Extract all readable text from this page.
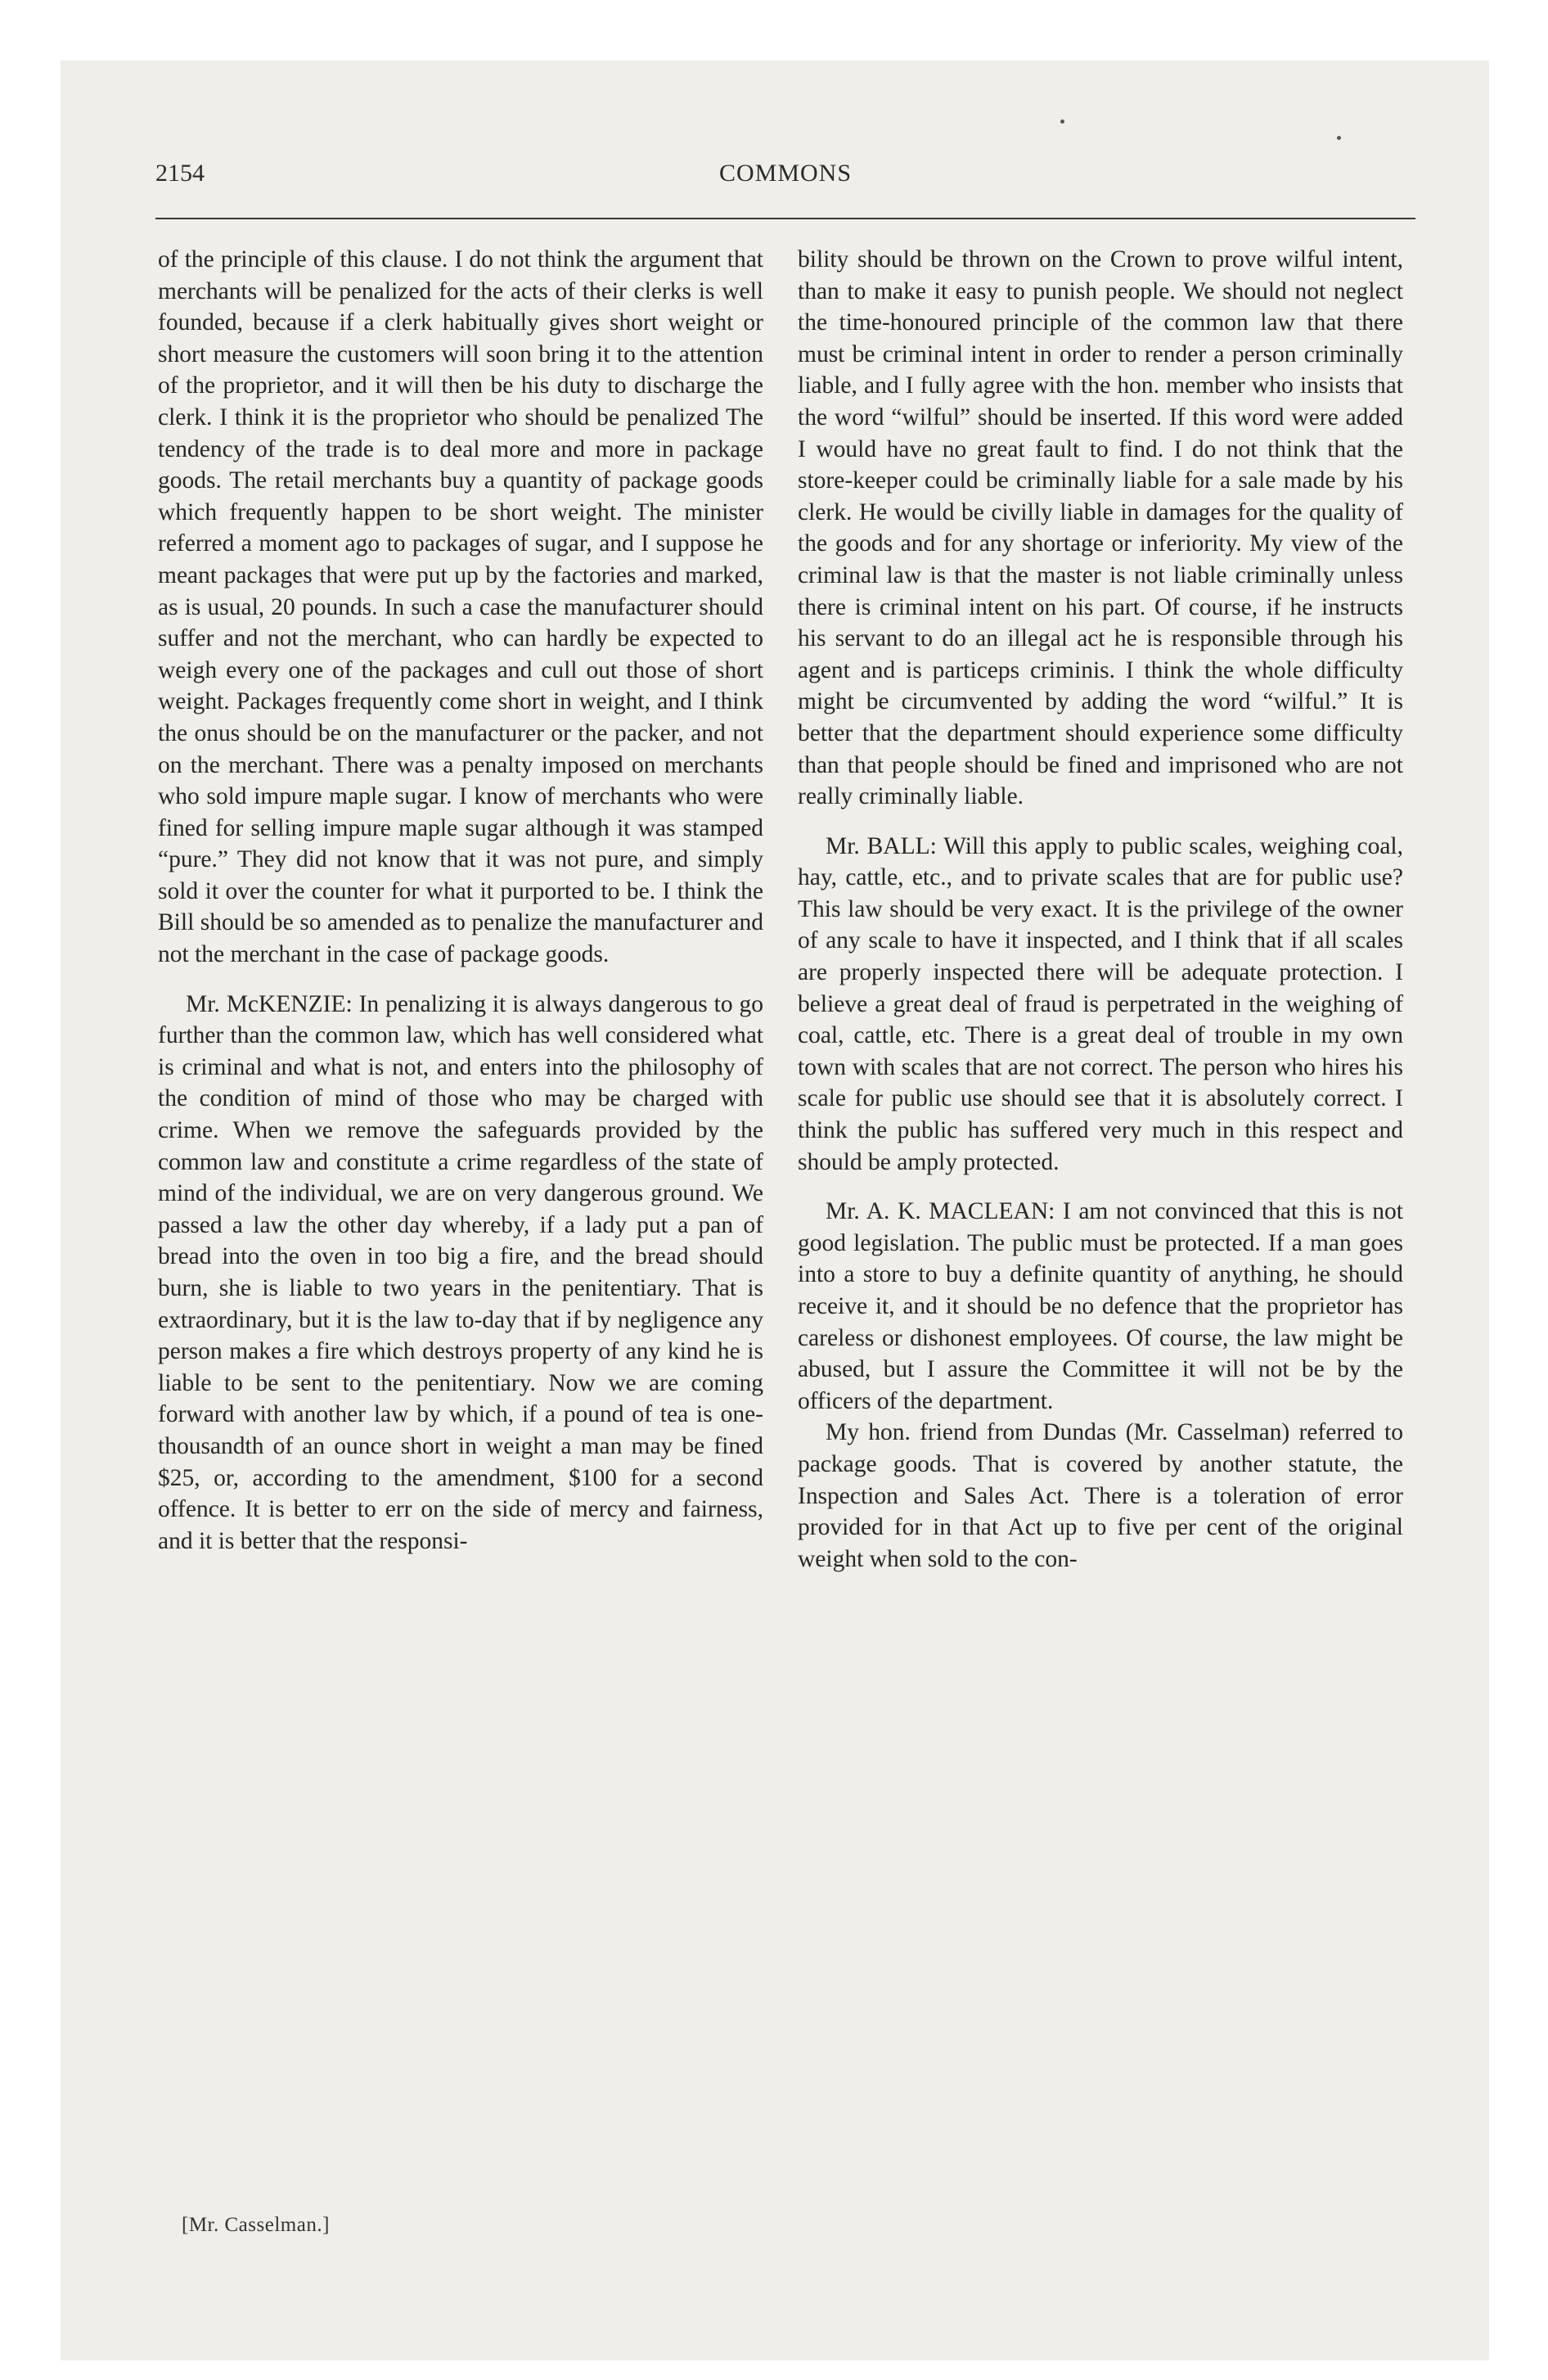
2154	COMMONS

of the principle of this clause. I do not think the argument that merchants will be penalized for the acts of their clerks is well founded, because if a clerk habitually gives short weight or short measure the customers will soon bring it to the attention of the proprietor, and it will then be his duty to discharge the clerk. I think it is the proprietor who should be penalized The tendency of the trade is to deal more and more in package goods. The retail merchants buy a quantity of package goods which frequently happen to be short weight. The minister referred a moment ago to packages of sugar, and I suppose he meant packages that were put up by the factories and marked, as is usual, 20 pounds. In such a case the manufacturer should suffer and not the merchant, who can hardly be expected to weigh every one of the packages and cull out those of short weight. Packages frequently come short in weight, and I think the onus should be on the manufacturer or the packer, and not on the merchant. There was a penalty imposed on merchants who sold impure maple sugar. I know of merchants who were fined for selling impure maple sugar although it was stamped “pure.” They did not know that it was not pure, and simply sold it over the counter for what it purported to be. I think the Bill should be so amended as to penalize the manufacturer and not the merchant in the case of package goods.

Mr. McKENZIE: In penalizing it is always dangerous to go further than the common law, which has well considered what is criminal and what is not, and enters into the philosophy of the condition of mind of those who may be charged with crime. When we remove the safeguards provided by the common law and constitute a crime regardless of the state of mind of the individual, we are on very dangerous ground. We passed a law the other day whereby, if a lady put a pan of bread into the oven in too big a fire, and the bread should burn, she is liable to two years in the penitentiary. That is extraordinary, but it is the law to-day that if by negligence any person makes a fire which destroys property of any kind he is liable to be sent to the penitentiary. Now we are coming forward with another law by which, if a pound of tea is one-thousandth of an ounce short in weight a man may be fined $25, or, according to the amendment, $100 for a second offence. It is better to err on the side of mercy and fairness, and it is better that the responsi-

bility should be thrown on the Crown to prove wilful intent, than to make it easy to punish people. We should not neglect the time-honoured principle of the common law that there must be criminal intent in order to render a person criminally liable, and I fully agree with the hon. member who insists that the word “wilful” should be inserted. If this word were added I would have no great fault to find. I do not think that the store-keeper could be criminally liable for a sale made by his clerk. He would be civilly liable in damages for the quality of the goods and for any shortage or inferiority. My view of the criminal law is that the master is not liable criminally unless there is criminal intent on his part. Of course, if he instructs his servant to do an illegal act he is responsible through his agent and is particeps criminis. I think the whole difficulty might be circumvented by adding the word “wilful.” It is better that the department should experience some difficulty than that people should be fined and imprisoned who are not really criminally liable.

Mr. BALL: Will this apply to public scales, weighing coal, hay, cattle, etc., and to private scales that are for public use? This law should be very exact. It is the privilege of the owner of any scale to have it inspected, and I think that if all scales are properly inspected there will be adequate protection. I believe a great deal of fraud is perpetrated in the weighing of coal, cattle, etc. There is a great deal of trouble in my own town with scales that are not correct. The person who hires his scale for public use should see that it is absolutely correct. I think the public has suffered very much in this respect and should be amply protected.

Mr. A. K. MACLEAN: I am not convinced that this is not good legislation. The public must be protected. If a man goes into a store to buy a definite quantity of anything, he should receive it, and it should be no defence that the proprietor has careless or dishonest employees. Of course, the law might be abused, but I assure the Committee it will not be by the officers of the department.

My hon. friend from Dundas (Mr. Casselman) referred to package goods. That is covered by another statute, the Inspection and Sales Act. There is a toleration of error provided for in that Act up to five per cent of the original weight when sold to the con-

[Mr. Casselman.]
